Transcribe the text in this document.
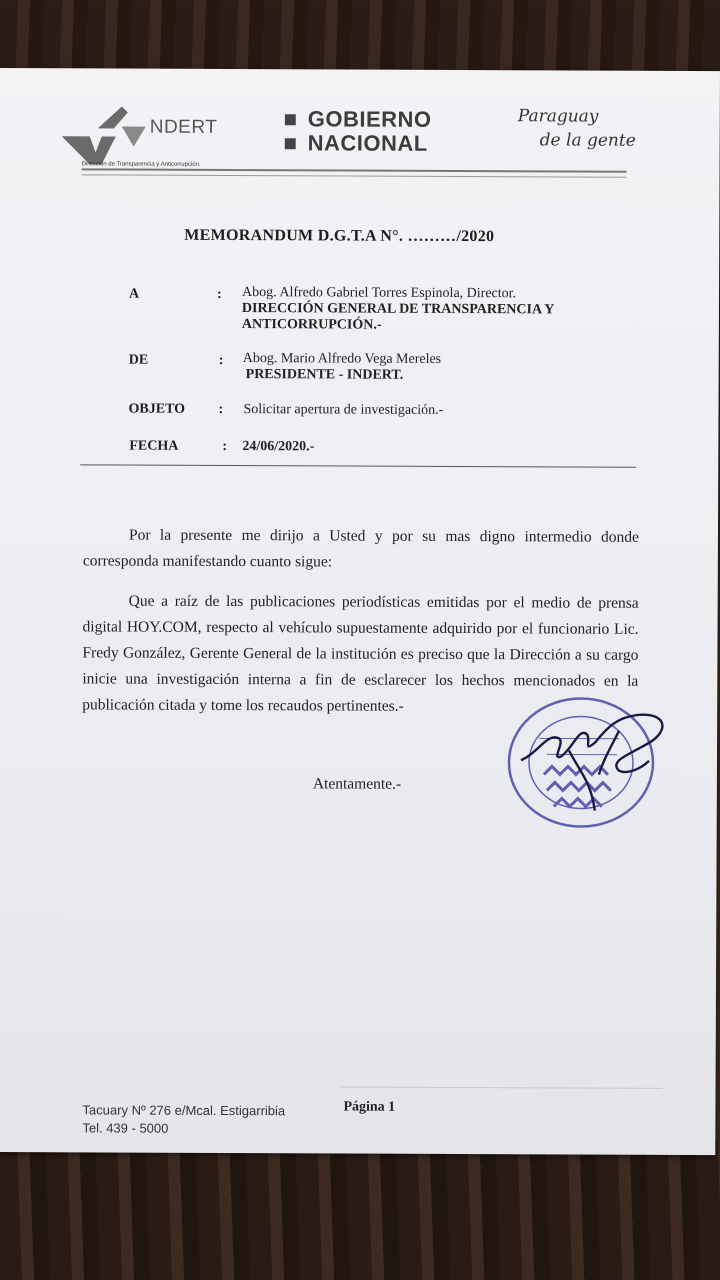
NDERT
Dirección de Transparencia y Anticorrupción.
GOBIERNO
NACIONAL
Paraguay
de la gente
MEMORANDUM D.G.T.A N°. ………/2020
A	: Abog. Alfredo Gabriel Torres Espinola, Director.
DIRECCIÓN GENERAL DE TRANSPARENCIA Y
ANTICORRUPCIÓN.-
DE	: Abog. Mario Alfredo Vega Mereles
PRESIDENTE - INDERT.
OBJETO : Solicitar apertura de investigación.-
FECHA	: 24/06/2020.-

Por la presente me dirijo a Usted y por su mas digno intermedio donde corresponda manifestando cuanto sigue:

Que a raíz de las publicaciones periodísticas emitidas por el medio de prensa digital HOY.COM, respecto al vehículo supuestamente adquirido por el funcionario Lic. Fredy González, Gerente General de la institución es preciso que la Dirección a su cargo inicie una investigación interna a fin de esclarecer los hechos mencionados en la publicación citada y tome los recaudos pertinentes.-

Atentamente.-
Tacuary Nº 276 e/Mcal. Estigarribia
Tel. 439 - 5000
Página 1
